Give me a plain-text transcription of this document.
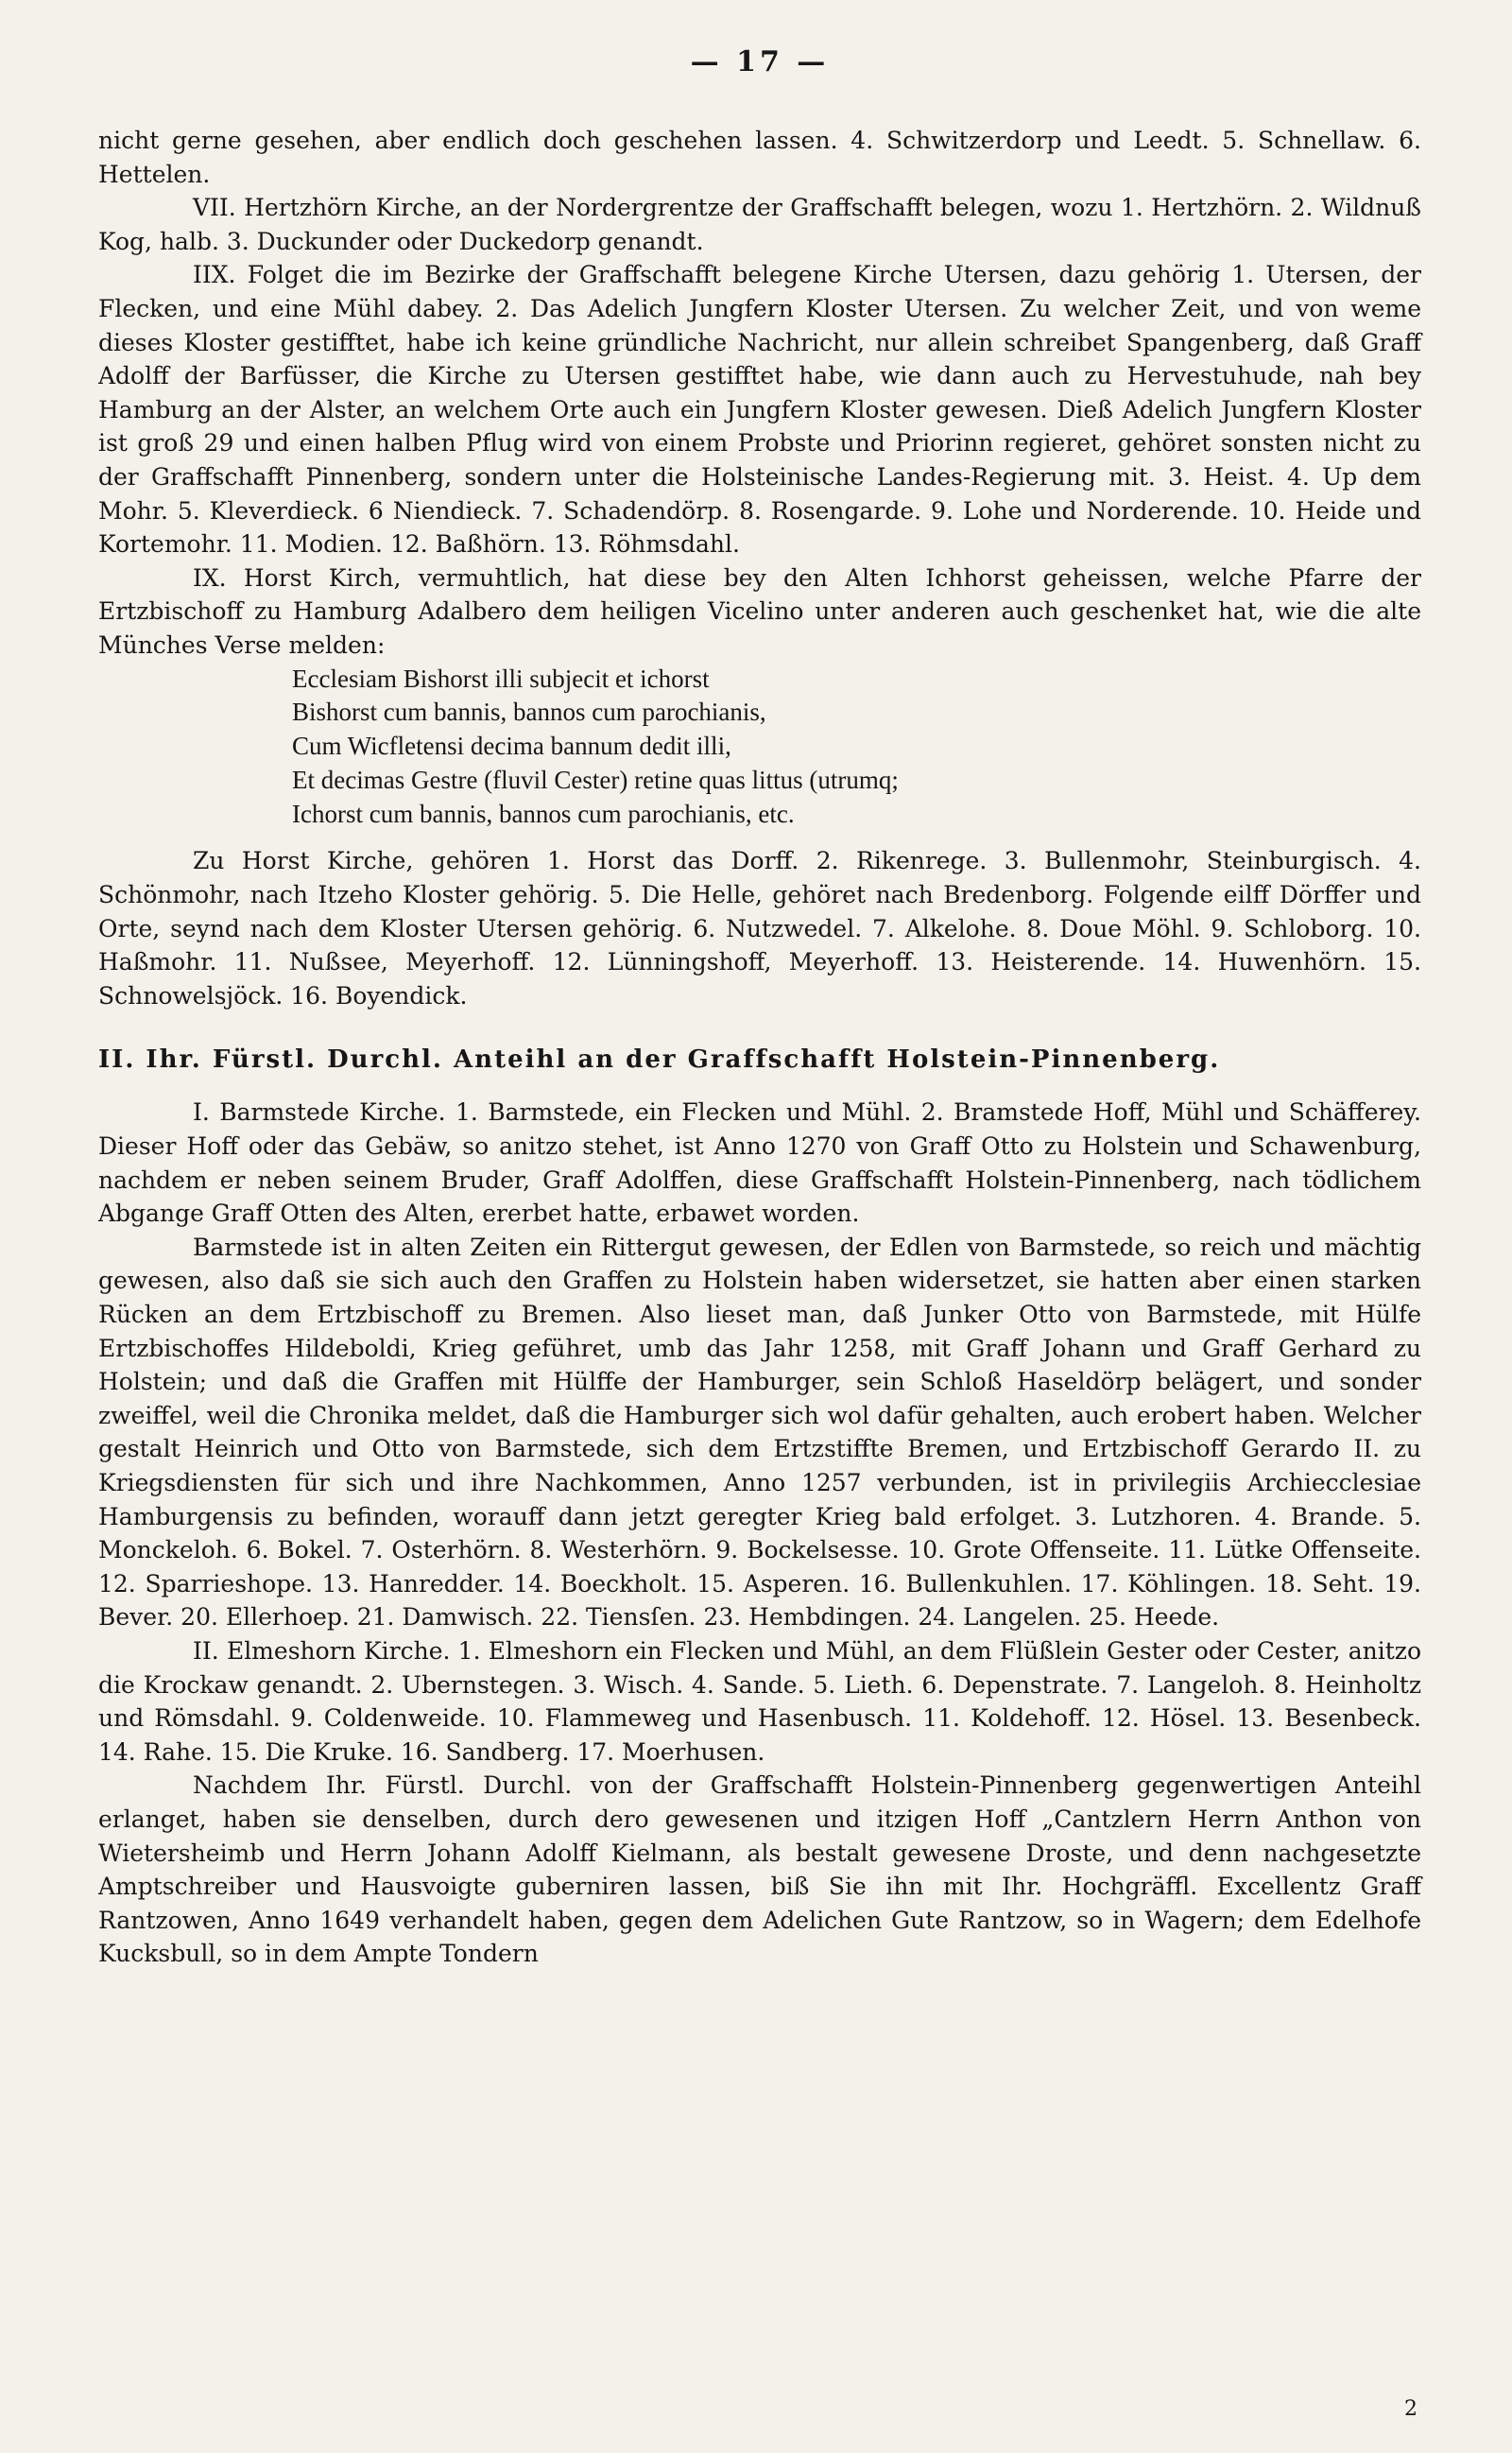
— 17 —

nicht gerne gesehen, aber endlich doch geschehen lassen. 4. Schwitzerdorp und Leedt. 5. Schnellaw. 6. Hettelen.

VII. Hertzhörn Kirche, an der Nordergrentze der Graffschafft belegen, wozu 1. Hertzhörn. 2. Wildnuß Kog, halb. 3. Duckunder oder Duckedorp genandt.

IIX. Folget die im Bezirke der Graffschafft belegene Kirche Utersen, dazu gehörig 1. Utersen, der Flecken, und eine Mühl dabey. 2. Das Adelich Jungfern Kloster Utersen. Zu welcher Zeit, und von weme dieses Kloster gestifftet, habe ich keine gründliche Nachricht, nur allein schreibet Spangenberg, daß Graff Adolff der Barfüsser, die Kirche zu Utersen gestifftet habe, wie dann auch zu Hervestuhude, nah bey Hamburg an der Alster, an welchem Orte auch ein Jungfern Kloster gewesen. Dieß Adelich Jungfern Kloster ist groß 29 und einen halben Pflug wird von einem Probste und Priorinn regieret, gehöret sonsten nicht zu der Graffschafft Pinnenberg, sondern unter die Holsteinische Landes-Regierung mit. 3. Heist. 4. Up dem Mohr. 5. Kleverdieck. 6 Niendieck. 7. Schadendörp. 8. Rosengarde. 9. Lohe und Norderende. 10. Heide und Kortemohr. 11. Modien. 12. Baßhörn. 13. Röhmsdahl.

IX. Horst Kirch, vermuhtlich, hat diese bey den Alten Ichhorst geheissen, welche Pfarre der Ertzbischoff zu Hamburg Adalbero dem heiligen Vicelino unter anderen auch geschenket hat, wie die alte Münches Verse melden:

Ecclesiam Bishorst illi subjecit et ichorst
Bishorst cum bannis, bannos cum parochianis,
Cum Wicfletensi decima bannum dedit illi,
Et decimas Gestre (fluvil Cester) retine quas littus (utrumq;
Ichorst cum bannis, bannos cum parochianis, etc.

Zu Horst Kirche, gehören 1. Horst das Dorff. 2. Rikenrege. 3. Bullenmohr, Steinburgisch. 4. Schönmohr, nach Itzeho Kloster gehörig. 5. Die Helle, gehöret nach Bredenborg. Folgende eilff Dörffer und Orte, seynd nach dem Kloster Utersen gehörig. 6. Nutzwedel. 7. Alkelohe. 8. Doue Möhl. 9. Schloborg. 10. Haßmohr. 11. Nußsee, Meyerhoff. 12. Lünningshoff, Meyerhoff. 13. Heisterende. 14. Huwenhörn. 15. Schnowelsjöck. 16. Boyendick.

II. Ihr. Fürstl. Durchl. Anteihl an der Graffschafft Holstein-Pinnenberg.

I. Barmstede Kirche. 1. Barmstede, ein Flecken und Mühl. 2. Bramstede Hoff, Mühl und Schäfferey. Dieser Hoff oder das Gebäw, so anitzo stehet, ist Anno 1270 von Graff Otto zu Holstein und Schawenburg, nachdem er neben seinem Bruder, Graff Adolffen, diese Graffschafft Holstein-Pinnenberg, nach tödlichem Abgange Graff Otten des Alten, ererbet hatte, erbawet worden.

Barmstede ist in alten Zeiten ein Rittergut gewesen, der Edlen von Barmstede, so reich und mächtig gewesen, also daß sie sich auch den Graffen zu Holstein haben widersetzet, sie hatten aber einen starken Rücken an dem Ertzbischoff zu Bremen. Also lieset man, daß Junker Otto von Barmstede, mit Hülfe Ertzbischoffes Hildeboldi, Krieg geführet, umb das Jahr 1258, mit Graff Johann und Graff Gerhard zu Holstein; und daß die Graffen mit Hülffe der Hamburger, sein Schloß Haseldörp belägert, und sonder zweiffel, weil die Chronika meldet, daß die Hamburger sich wol dafür gehalten, auch erobert haben. Welcher gestalt Heinrich und Otto von Barmstede, sich dem Ertzstiffte Bremen, und Ertzbischoff Gerardo II. zu Kriegsdiensten für sich und ihre Nachkommen, Anno 1257 verbunden, ist in privilegiis Archiecclesiae Hamburgensis zu befinden, worauff dann jetzt geregter Krieg bald erfolget. 3. Lutzhoren. 4. Brande. 5. Monckeloh. 6. Bokel. 7. Osterhörn. 8. Westerhörn. 9. Bockelsesse. 10. Grote Offenseite. 11. Lütke Offenseite. 12. Sparrieshope. 13. Hanredder. 14. Boeckholt. 15. Asperen. 16. Bullenkuhlen. 17. Köhlingen. 18. Seht. 19. Bever. 20. Ellerhoep. 21. Damwisch. 22. Tiensſen. 23. Hembdingen. 24. Langelen. 25. Heede.

II. Elmeshorn Kirche. 1. Elmeshorn ein Flecken und Mühl, an dem Flüßlein Gester oder Cester, anitzo die Krockaw genandt. 2. Ubernstegen. 3. Wisch. 4. Sande. 5. Lieth. 6. Depenstrate. 7. Langeloh. 8. Heinholtz und Römsdahl. 9. Coldenweide. 10. Flammeweg und Hasenbusch. 11. Koldehoff. 12. Hösel. 13. Besenbeck. 14. Rahe. 15. Die Kruke. 16. Sandberg. 17. Moerhusen.

Nachdem Ihr. Fürstl. Durchl. von der Graffschafft Holstein-Pinnenberg gegenwertigen Anteihl erlanget, haben sie denselben, durch dero gewesenen und itzigen Hoff „Cantzlern Herrn Anthon von Wietersheimb und Herrn Johann Adolff Kielmann, als bestalt gewesene Droste, und denn nachgesetzte Amptschreiber und Hausvoigte guberniren lassen, biß Sie ihn mit Ihr. Hochgräffl. Excellentz Graff Rantzowen, Anno 1649 verhandelt haben, gegen dem Adelichen Gute Rantzow, so in Wagern; dem Edelhofe Kucksbull, so in dem Ampte Tondern

2
